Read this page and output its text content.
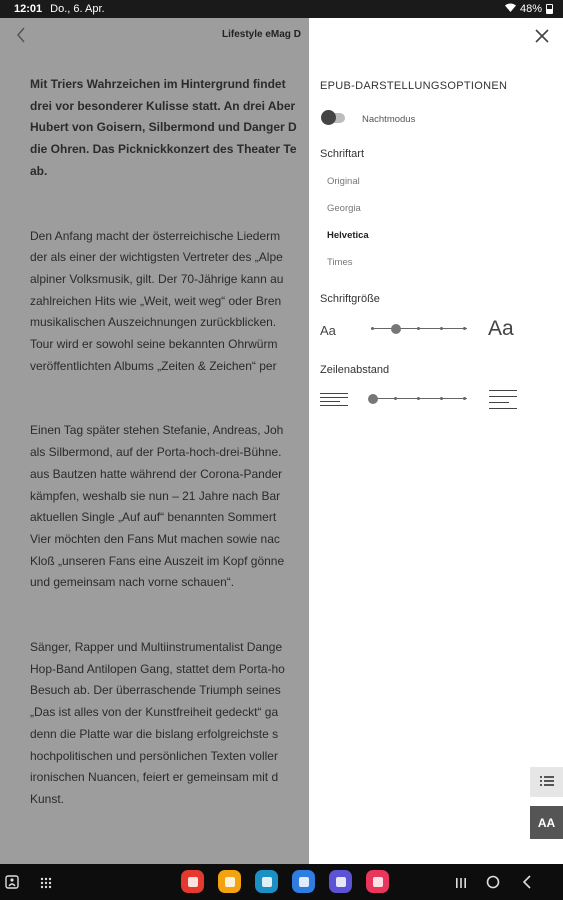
12:01 Do., 6. Apr.	48%
Lifestyle eMag D

Mit Triers Wahrzeichen im Hintergrund findet

drei vor besonderer Kulisse statt. An drei Aber

Hubert von Goisern, Silbermond und Danger D

die Ohren. Das Picknickkonzert des Theater Te

ab.

Den Anfang macht der österreichische Liederm

der als einer der wichtigsten Vertreter des „Alpe

alpiner Volksmusik, gilt. Der 70-Jährige kann au

zahlreichen Hits wie „Weit, weit weg“ oder Bren

musikalischen Auszeichnungen zurückblicken.

Tour wird er sowohl seine bekannten Ohrwürm

veröffentlichten Albums „Zeiten & Zeichen“ per

Einen Tag später stehen Stefanie, Andreas, Joh

als Silbermond, auf der Porta-hoch-drei-Bühne.

aus Bautzen hatte während der Corona-Pander

kämpfen, weshalb sie nun – 21 Jahre nach Bar

aktuellen Single „Auf auf“ benannten Sommert

Vier möchten den Fans Mut machen sowie nac

Kloß „unseren Fans eine Auszeit im Kopf gönne

und gemeinsam nach vorne schauen“.

Sänger, Rapper und Multiinstrumentalist Dange

Hop-Band Antilopen Gang, stattet dem Porta-ho

Besuch ab. Der überraschende Triumph seines

„Das ist alles von der Kunstfreiheit gedeckt“ ga

denn die Platte war die bislang erfolgreichste s

hochpolitischen und persönlichen Texten voller

ironischen Nuancen, feiert er gemeinsam mit d

Kunst.

EPUB-DARSTELLUNGSOPTIONEN
Nachtmodus
Schriftart
Original
Georgia
Helvetica
Times
Schriftgröße
Aa	Aa
Zeilenabstand
AA
